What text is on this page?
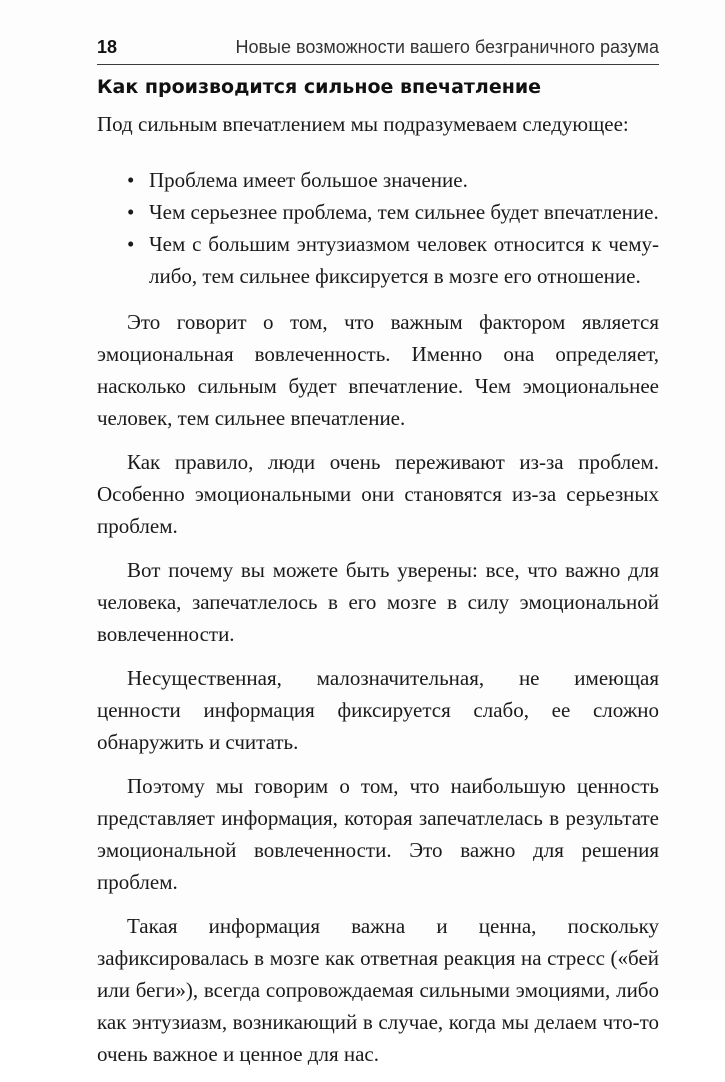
18	Новые возможности вашего безграничного разума
Как производится сильное впечатление
Под сильным впечатлением мы подразумеваем следующее:
• Проблема имеет большое значение.
• Чем серьезнее проблема, тем сильнее будет впечатление.
• Чем с большим энтузиазмом человек относится к чему-либо, тем сильнее фиксируется в мозге его отношение.

Это говорит о том, что важным фактором является эмоциональная вовлеченность. Именно она определяет, насколько сильным будет впечатление. Чем эмоциональнее человек, тем сильнее впечатление.

Как правило, люди очень переживают из-за проблем. Особенно эмоциональными они становятся из-за серьезных проблем.

Вот почему вы можете быть уверены: все, что важно для человека, запечатлелось в его мозге в силу эмоциональной вовлеченности.

Несущественная, малозначительная, не имеющая ценности информация фиксируется слабо, ее сложно обнаружить и считать.

Поэтому мы говорим о том, что наибольшую ценность представляет информация, которая запечатлелась в результате эмоциональной вовлеченности. Это важно для решения проблем.

Такая информация важна и ценна, поскольку зафиксировалась в мозге как ответная реакция на стресс («бей или беги»), всегда сопровождаемая сильными эмоциями, либо как энтузиазм, возникающий в случае, когда мы делаем что-то очень важное и ценное для нас.
